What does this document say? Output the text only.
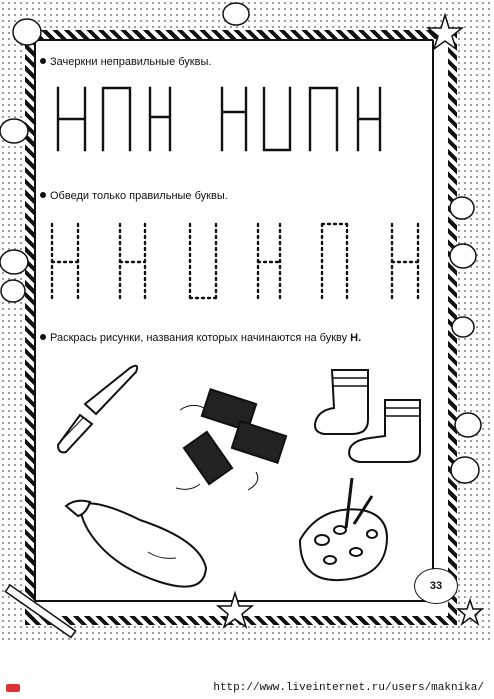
Зачеркни неправильные буквы.
Обведи только правильные буквы.
Раскрась рисунки, названия которых начинаются на букву Н.
33
http://www.liveinternet.ru/users/maknika/
